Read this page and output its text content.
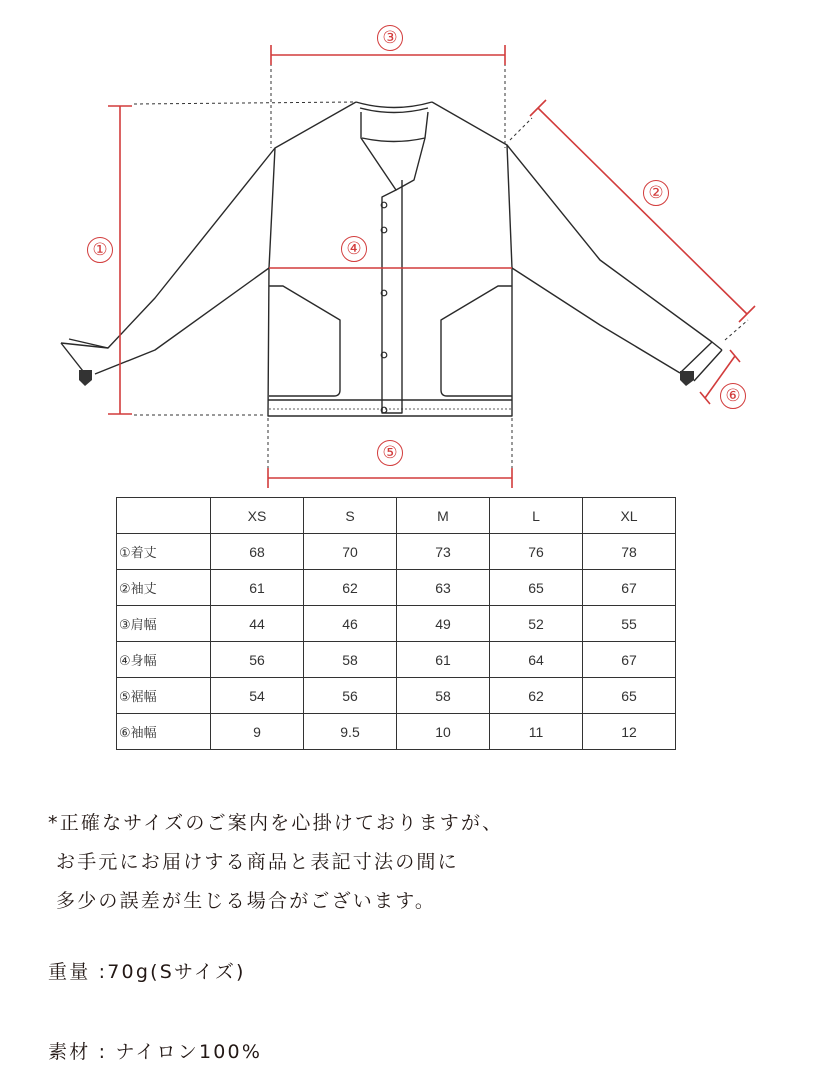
③
①
②
④
⑤
⑥
	XS	S	M	L	XL
①着丈	68	70	73	76	78
②袖丈	61	62	63	65	67
③肩幅	44	46	49	52	55
④身幅	56	58	61	64	67
⑤裾幅	54	56	58	62	65
⑥袖幅	9	9.5	10	11	12

*正確なサイズのご案内を心掛けておりますが、

お手元にお届けする商品と表記寸法の間に

多少の誤差が生じる場合がございます。

重量 :70g(Sサイズ)
素材 : ナイロン100%
